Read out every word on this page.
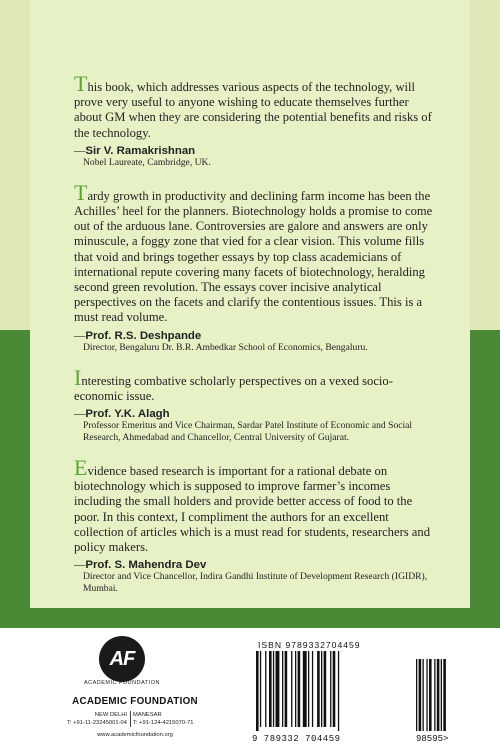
This book, which addresses various aspects of the technology, will prove very useful to anyone wishing to educate themselves further about GM when they are considering the potential benefits and risks of the technology.

—Sir V. Ramakrishnan
Nobel Laureate, Cambridge, UK.

Tardy growth in productivity and declining farm income has been the Achilles’ heel for the planners. Biotechnology holds a promise to come out of the arduous lane. Controversies are galore and answers are only minuscule, a foggy zone that vied for a clear vision. This volume fills that void and brings together essays by top class academicians of international repute covering many facets of biotechnology, heralding second green revolution. The essays cover incisive analytical perspectives on the facets and clarify the contentious issues. This is a must read volume.

—Prof. R.S. Deshpande
Director, Bengaluru Dr. B.R. Ambedkar School of Economics, Bengaluru.

Interesting combative scholarly perspectives on a vexed socio-economic issue.

—Prof. Y.K. Alagh
Professor Emeritus and Vice Chairman, Sardar Patel Institute of Economic and Social Research, Ahmedabad and Chancellor, Central University of Gujarat.

Evidence based research is important for a rational debate on biotechnology which is supposed to improve farmer’s incomes including the small holders and provide better access of food to the poor. In this context, I compliment the authors for an excellent collection of articles which is a must read for students, researchers and policy makers.

—Prof. S. Mahendra Dev
Director and Vice Chancellor, Indira Gandhi Institute of Development Research (IGIDR), Mumbai.
AF
ACADEMIC FOUNDATION
ACADEMIC FOUNDATION
NEW DELHI
T: +91-11-23245001-04
MANESAR
T: +91-124-4215070-71
www.academicfoundation.org
ISBN 9789332704459
9 789332 704459	98595>
